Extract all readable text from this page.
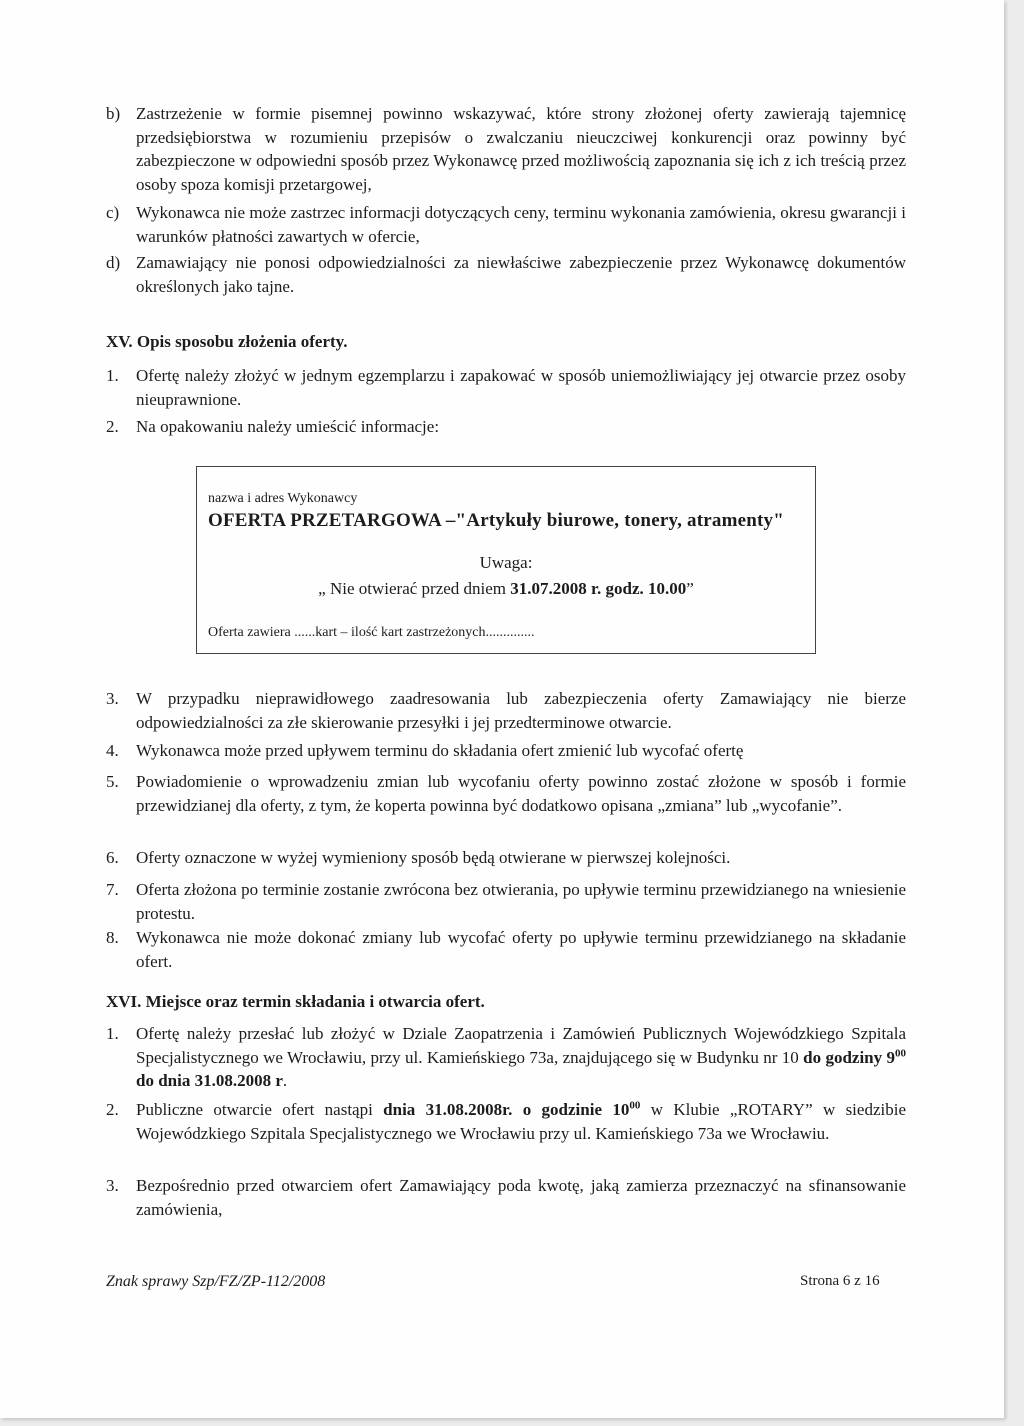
b) Zastrzeżenie w formie pisemnej powinno wskazywać, które strony złożonej oferty zawierają tajemnicę przedsiębiorstwa w rozumieniu przepisów o zwalczaniu nieuczciwej konkurencji oraz powinny być zabezpieczone w odpowiedni sposób przez Wykonawcę przed możliwością zapoznania się ich z ich treścią przez osoby spoza komisji przetargowej,
c) Wykonawca nie może zastrzec informacji dotyczących ceny, terminu wykonania zamówienia, okresu gwarancji i warunków płatności zawartych w ofercie,
d) Zamawiający nie ponosi odpowiedzialności za niewłaściwe zabezpieczenie przez Wykonawcę dokumentów określonych jako tajne.
XV. Opis sposobu złożenia oferty.
1. Ofertę należy złożyć w jednym egzemplarzu i zapakować w sposób uniemożliwiający jej otwarcie przez osoby nieuprawnione.
2. Na opakowaniu należy umieścić informacje:
nazwa i adres Wykonawcy
OFERTA PRZETARGOWA –"Artykuły biurowe, tonery, atramenty"
Uwaga:
„ Nie otwierać przed dniem 31.07.2008 r. godz. 10.00”
Oferta zawiera ......kart – ilość kart zastrzeżonych..............
3. W przypadku nieprawidłowego zaadresowania lub zabezpieczenia oferty Zamawiający nie bierze odpowiedzialności za złe skierowanie przesyłki i jej przedterminowe otwarcie.
4. Wykonawca może przed upływem terminu do składania ofert zmienić lub wycofać ofertę
5. Powiadomienie o wprowadzeniu zmian lub wycofaniu oferty powinno zostać złożone w sposób i formie przewidzianej dla oferty, z tym, że koperta powinna być dodatkowo opisana „zmiana” lub „wycofanie”.
6. Oferty oznaczone w wyżej wymieniony sposób będą otwierane w pierwszej kolejności.
7. Oferta złożona po terminie zostanie zwrócona bez otwierania, po upływie terminu przewidzianego na wniesienie protestu.
8. Wykonawca nie może dokonać zmiany lub wycofać oferty po upływie terminu przewidzianego na składanie ofert.
XVI. Miejsce oraz termin składania i otwarcia ofert.
1. Ofertę należy przesłać lub złożyć w Dziale Zaopatrzenia i Zamówień Publicznych Wojewódzkiego Szpitala Specjalistycznego we Wrocławiu, przy ul. Kamieńskiego 73a, znajdującego się w Budynku nr 10 do godziny $9^{00}$ do dnia 31.08.2008 r.
2. Publiczne otwarcie ofert nastąpi dnia 31.08.2008r. o godzinie $10^{00}$ w Klubie „ROTARY” w siedzibie Wojewódzkiego Szpitala Specjalistycznego we Wrocławiu przy ul. Kamieńskiego 73a we Wrocławiu.
3. Bezpośrednio przed otwarciem ofert Zamawiający poda kwotę, jaką zamierza przeznaczyć na sfinansowanie zamówienia,
Znak sprawy Szp/FZ/ZP-112/2008	Strona 6 z 16
